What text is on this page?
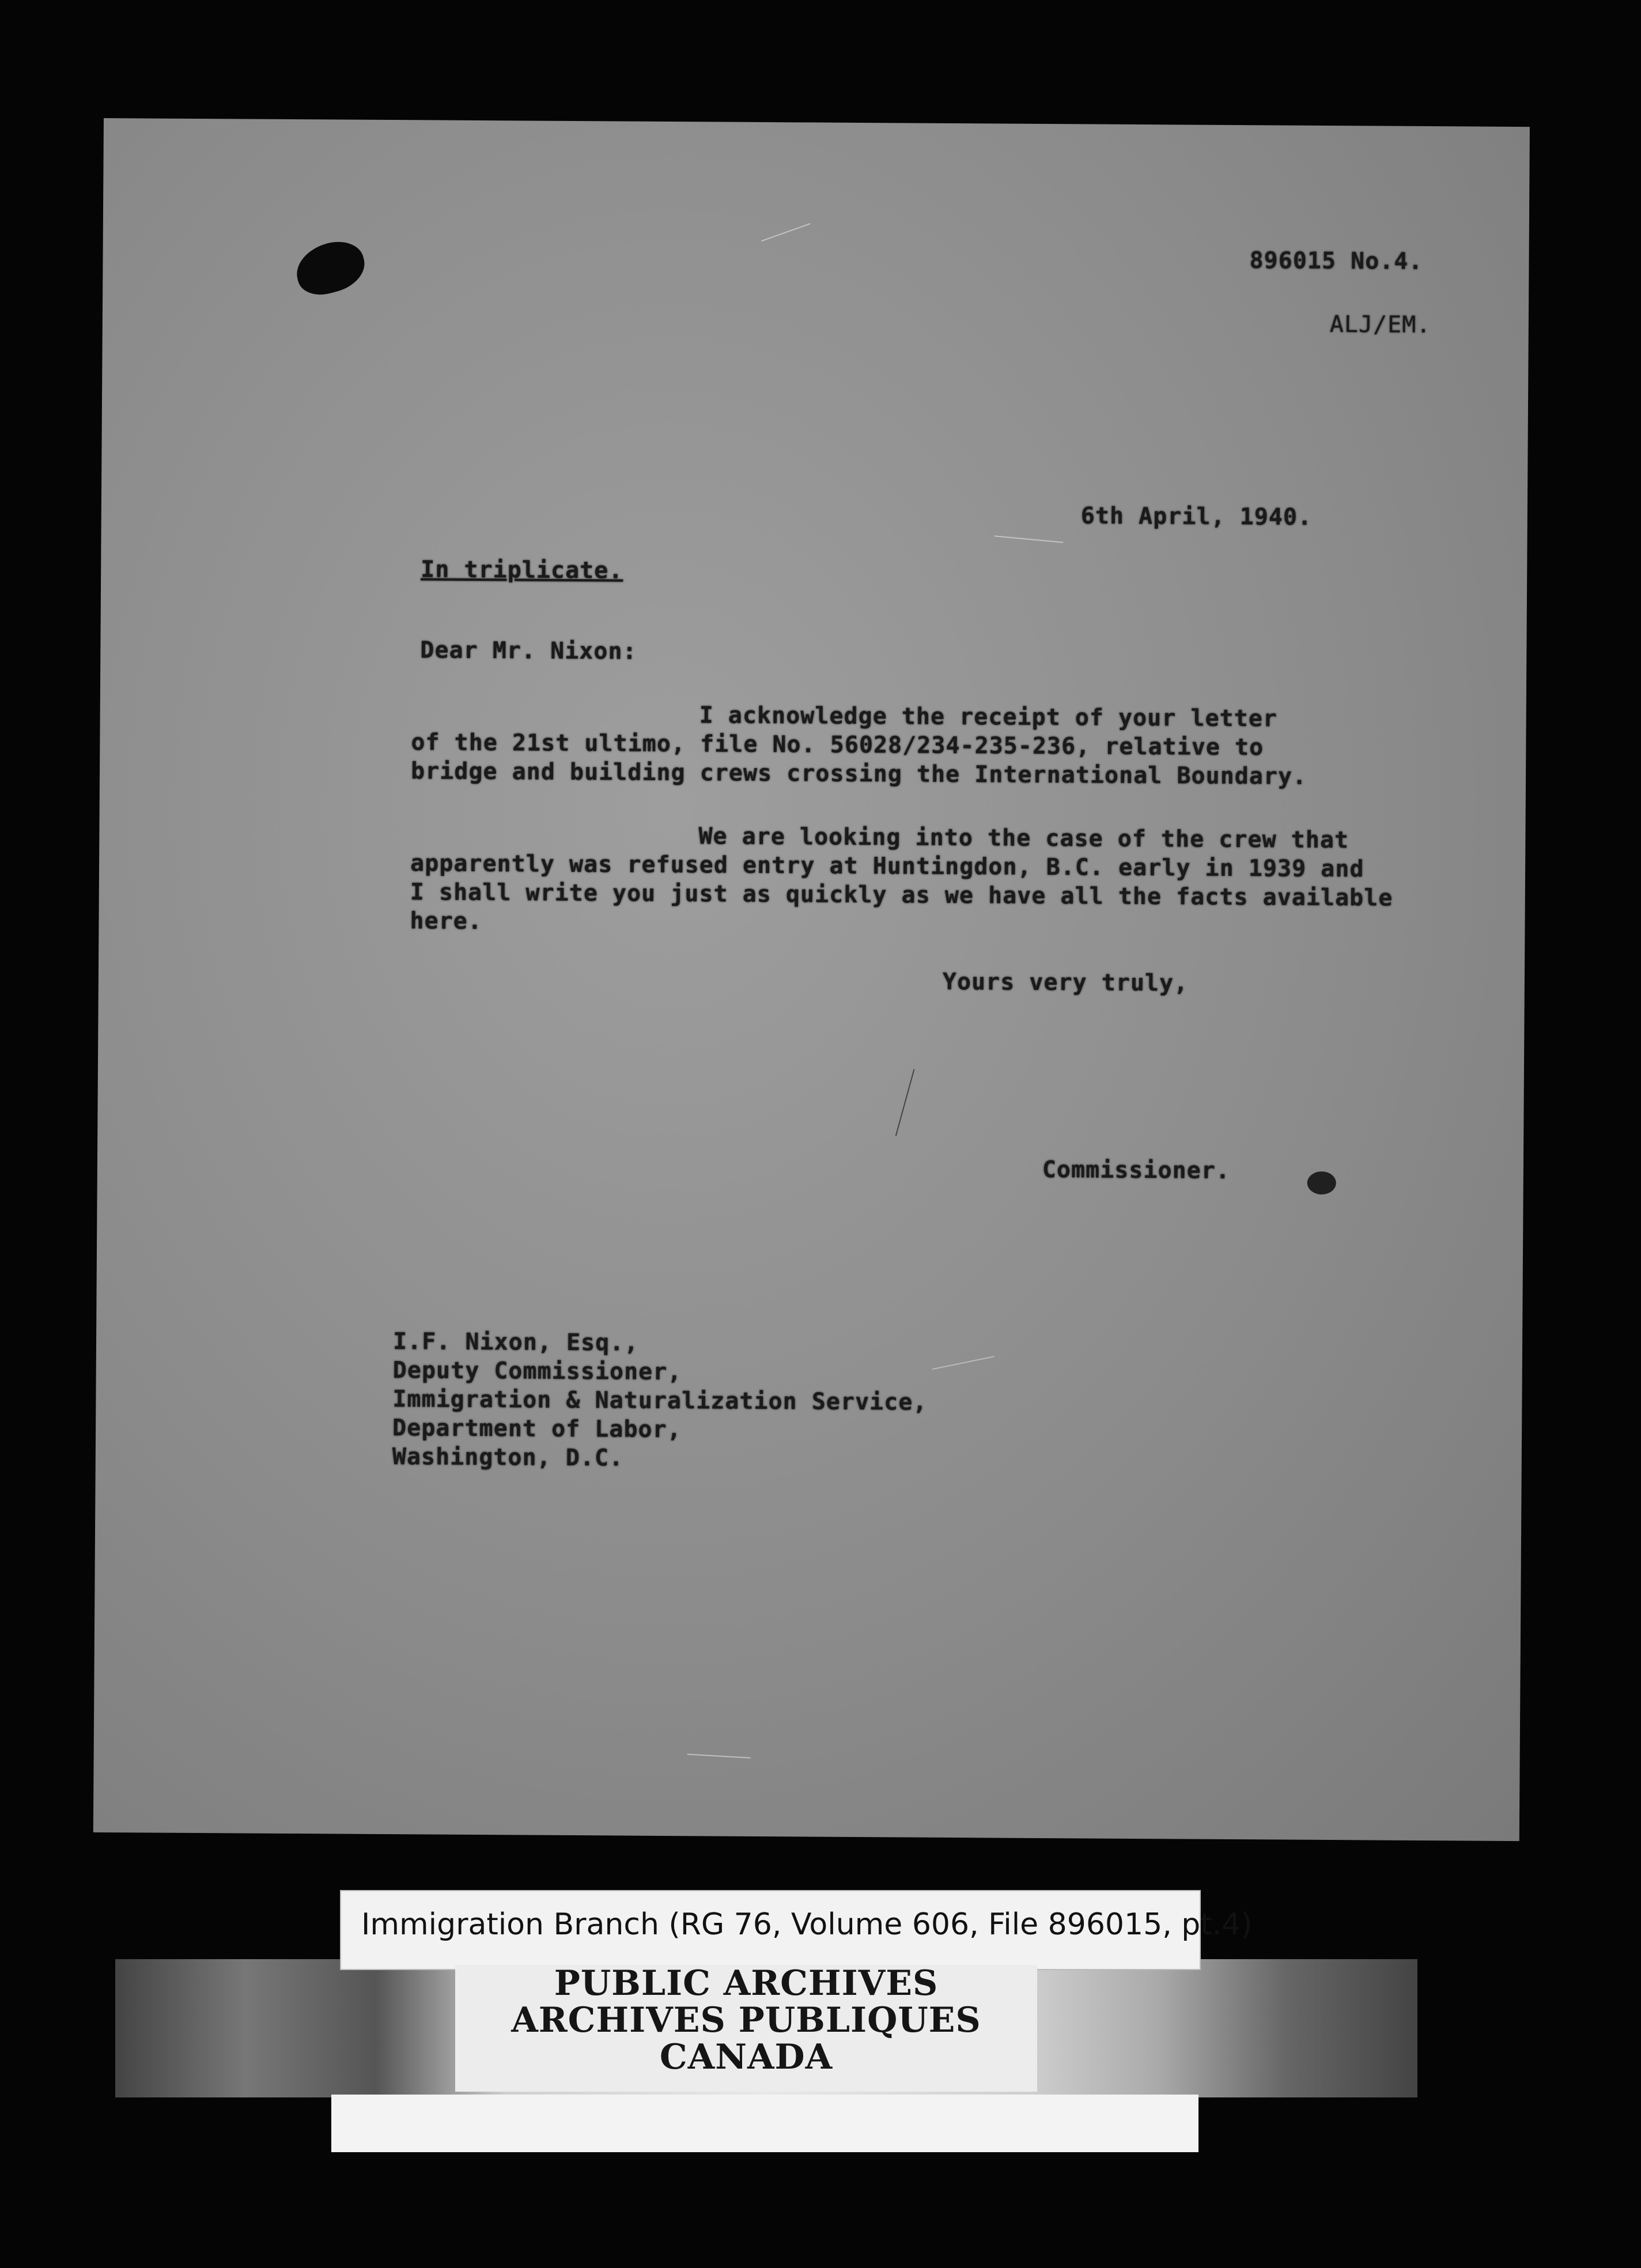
896015 No.4.
ALJ/EM.
6th April, 1940.
In triplicate.
Dear Mr. Nixon:
I acknowledge the receipt of your letter
of the 21st ultimo, file No. 56028/234-235-236, relative to
bridge and building crews crossing the International Boundary.
We are looking into the case of the crew that
apparently was refused entry at Huntingdon, B.C. early in 1939 and
I shall write you just as quickly as we have all the facts available
here.
Yours very truly,
Commissioner.
I.F. Nixon, Esq.,
Deputy Commissioner,
Immigration & Naturalization Service,
Department of Labor,
Washington, D.C.
Immigration Branch (RG 76, Volume 606, File 896015, pt.4)
PUBLIC ARCHIVES
ARCHIVES PUBLIQUES
CANADA
